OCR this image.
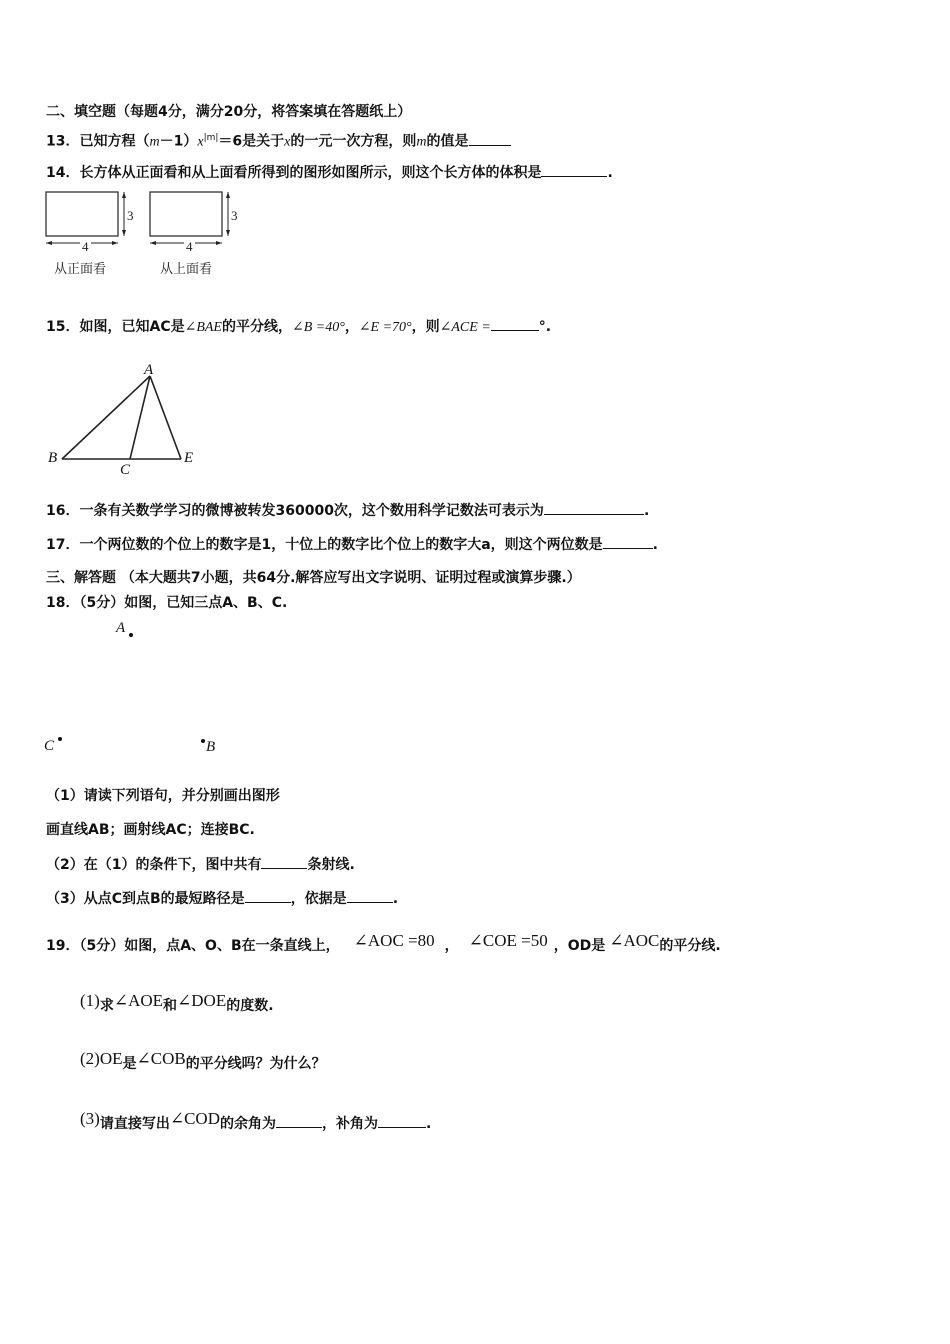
二、填空题（每题4分，满分20分，将答案填在答题纸上）
13．已知方程$(m-1)x^{|m|}=6$是关于x的一元一次方程，则m的值是
14．长方体从正面看和从上面看所得到的图形如图所示，则这个长方体的体积是	.
4	4
3	3
从正面看	从上面看
15．如图，已知AC是∠BAE的平分线，∠B =40°，∠E =70°，则∠ACE =	°.
A
B
C
E
16．一条有关数学学习的微博被转发360000次，这个数用科学记数法可表示为	.
17．一个两位数的个位上的数字是1，十位上的数字比个位上的数字大a，则这个两位数是	.
三、解答题 （本大题共7小题，共64分.解答应写出文字说明、证明过程或演算步骤.）
18．（5分）如图，已知三点A、B、C.
A
C	B
（1）请读下列语句，并分别画出图形
画直线AB；画射线AC；连接BC.
（2）在（1）的条件下，图中共有	条射线.
（3）从点C到点B的最短路径是	，依据是	.
19．（5分）如图，点A、O、B在一条直线上， ∠AOC =80 ， ∠COE =50 ，OD是 ∠AOC的平分线.
(1)求∠AOE和∠DOE的度数.
(2)OE是∠COB的平分线吗？为什么？
(3)请直接写出∠COD的余角为	，补角为	.
